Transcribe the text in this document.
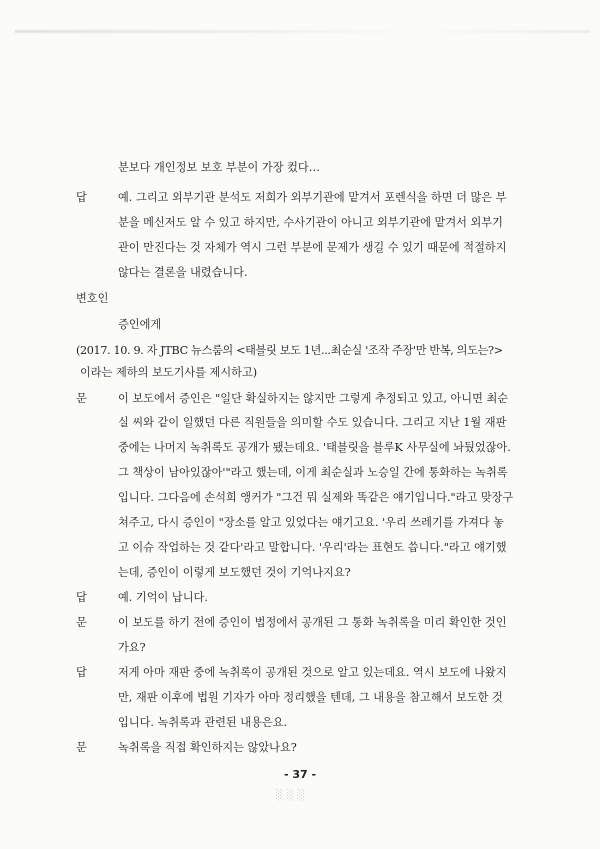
분보다 개인정보 보호 부분이 가장 컸다…
답	예. 그리고 외부기관 분석도 저희가 외부기관에 맡겨서 포렌식을 하면 더 많은 부
분을 메신저도 알 수 있고 하지만, 수사기관이 아니고 외부기관에 맡겨서 외부기
관이 만진다는 것 자체가 역시 그런 부분에 문제가 생길 수 있기 때문에 적절하지
않다는 결론을 내렸습니다.
변호인
증인에게
(2017. 10. 9. 자 JTBC 뉴스룸의 <태블릿 보도 1년...최순실 '조작 주장'만 반복, 의도는?>
이라는 제하의 보도기사를 제시하고)
문	이 보도에서 증인은 "일단 확실하지는 않지만 그렇게 추정되고 있고, 아니면 최순
실 씨와 같이 일했던 다른 직원들을 의미할 수도 있습니다. 그리고 지난 1월 재판
중에는 나머지 녹취록도 공개가 됐는데요. '태블릿을 블루K 사무실에 놔뒀었잖아.
그 책상이 남아있잖아'"라고 했는데, 이게 최순실과 노승일 간에 통화하는 녹취록
입니다. 그다음에 손석희 앵커가 "그건 뭐 실제와 똑같은 얘기입니다."라고 맞장구
쳐주고, 다시 증인이 "장소를 알고 있었다는 얘기고요. '우리 쓰레기를 가져다 놓
고 이슈 작업하는 것 같다'라고 말합니다. '우리'라는 표현도 씁니다."라고 얘기했
는데, 증인이 이렇게 보도했던 것이 기억나지요?
답	예. 기억이 납니다.
문	이 보도를 하기 전에 증인이 법정에서 공개된 그 통화 녹취록을 미리 확인한 것인
가요?
답	저게 아마 재판 중에 녹취록이 공개된 것으로 알고 있는데요. 역시 보도에 나왔지
만, 재판 이후에 법원 기자가 아마 정리했을 텐데, 그 내용을 참고해서 보도한 것
입니다. 녹취록과 관련된 내용은요.
문	녹취록을 직접 확인하지는 않았나요?
- 37 -
░░░
